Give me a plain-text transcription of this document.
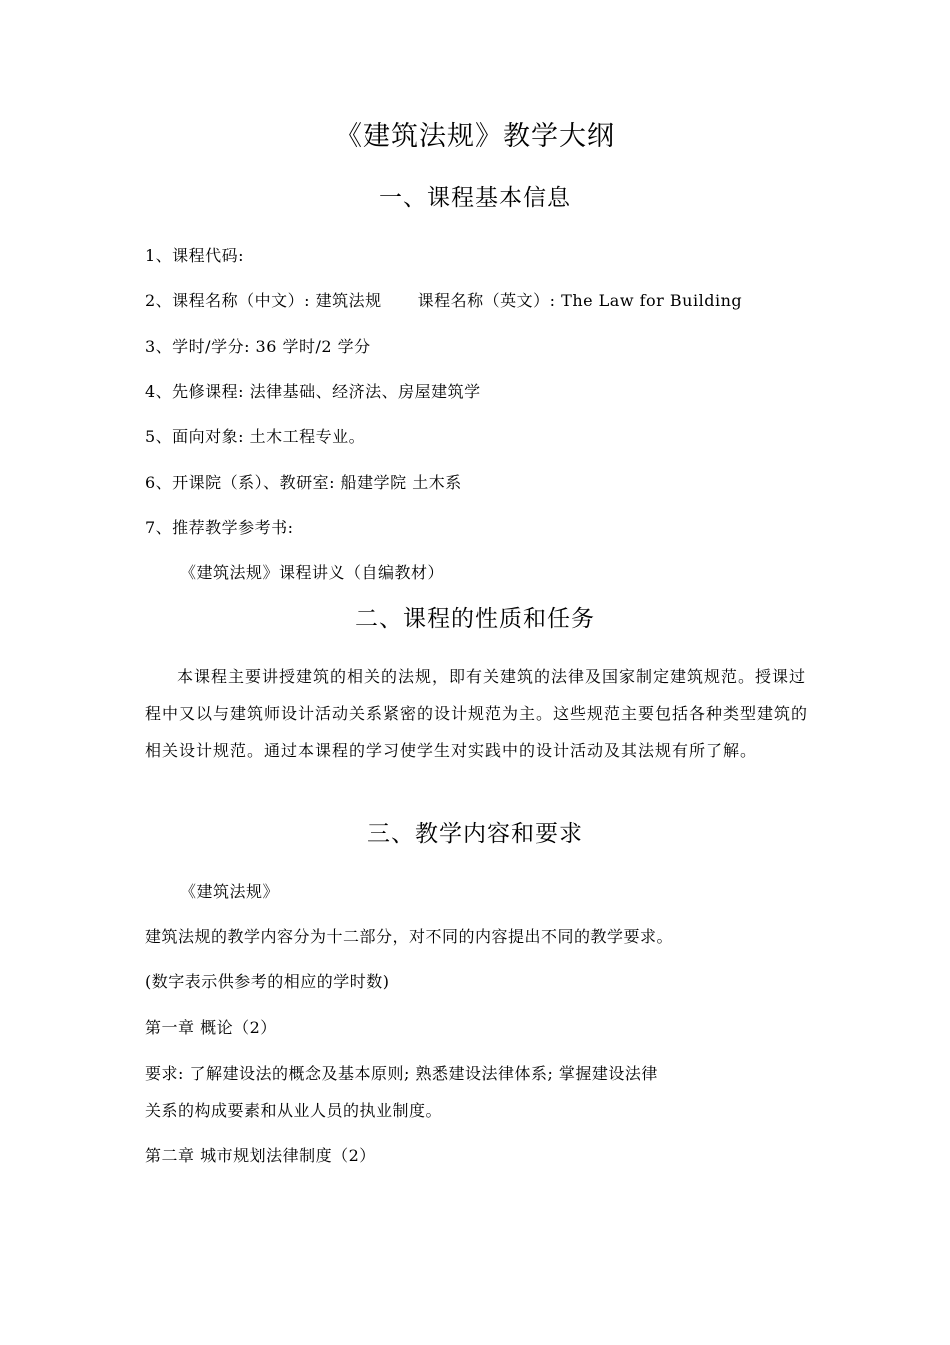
《建筑法规》教学大纲
一、课程基本信息
1、课程代码:
2、课程名称（中文）: 建筑法规 课程名称（英文）: The Law for Building
3、学时/学分: 36 学时/2 学分
4、先修课程: 法律基础、经济法、房屋建筑学
5、面向对象: 土木工程专业。
6、开课院（系）、教研室: 船建学院 土木系
7、推荐教学参考书:
《建筑法规》课程讲义（自编教材）
二、课程的性质和任务
本课程主要讲授建筑的相关的法规，即有关建筑的法律及国家制定建筑规范。授课过程中又以与建筑师设计活动关系紧密的设计规范为主。这些规范主要包括各种类型建筑的相关设计规范。通过本课程的学习使学生对实践中的设计活动及其法规有所了解。
三、教学内容和要求
《建筑法规》
建筑法规的教学内容分为十二部分，对不同的内容提出不同的教学要求。
(数字表示供参考的相应的学时数)
第一章 概论（2）
要求: 了解建设法的概念及基本原则; 熟悉建设法律体系; 掌握建设法律
关系的构成要素和从业人员的执业制度。
第二章 城市规划法律制度（2）
